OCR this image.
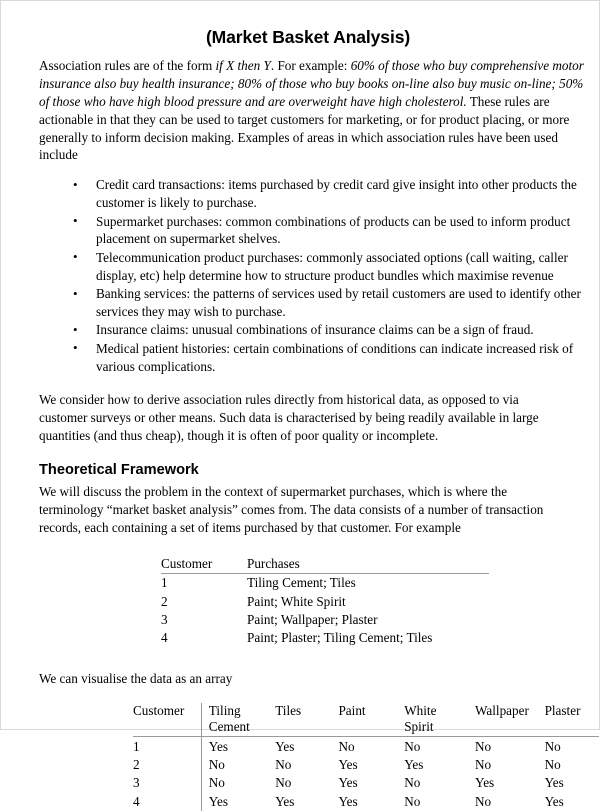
(Market Basket Analysis)

Association rules are of the form if X then Y. For example: 60% of those who buy comprehensive motor insurance also buy health insurance; 80% of those who buy books on-line also buy music on-line; 50% of those who have high blood pressure and are overweight have high cholesterol. These rules are actionable in that they can be used to target customers for marketing, or for product placing, or more generally to inform decision making. Examples of areas in which association rules have been used include

• Credit card transactions: items purchased by credit card give insight into other products the customer is likely to purchase.
• Supermarket purchases: common combinations of products can be used to inform product placement on supermarket shelves.
• Telecommunication product purchases: commonly associated options (call waiting, caller display, etc) help determine how to structure product bundles which maximise revenue
• Banking services: the patterns of services used by retail customers are used to identify other services they may wish to purchase.
• Insurance claims: unusual combinations of insurance claims can be a sign of fraud.
• Medical patient histories: certain combinations of conditions can indicate increased risk of various complications.

We consider how to derive association rules directly from historical data, as opposed to via customer surveys or other means. Such data is characterised by being readily available in large quantities (and thus cheap), though it is often of poor quality or incomplete.

Theoretical Framework

We will discuss the problem in the context of supermarket purchases, which is where the terminology “market basket analysis” comes from. The data consists of a number of transaction records, each containing a set of items purchased by that customer. For example

Customer	Purchases
1	Tiling Cement; Tiles
2	Paint; White Spirit
3	Paint; Wallpaper; Plaster
4	Paint; Plaster; Tiling Cement; Tiles

We can visualise the data as an array

Customer	Tiling Cement	Tiles	Paint	White Spirit	Wallpaper	Plaster
1	Yes	Yes	No	No	No	No
2	No	No	Yes	Yes	No	No
3	No	No	Yes	No	Yes	Yes
4	Yes	Yes	Yes	No	No	Yes
